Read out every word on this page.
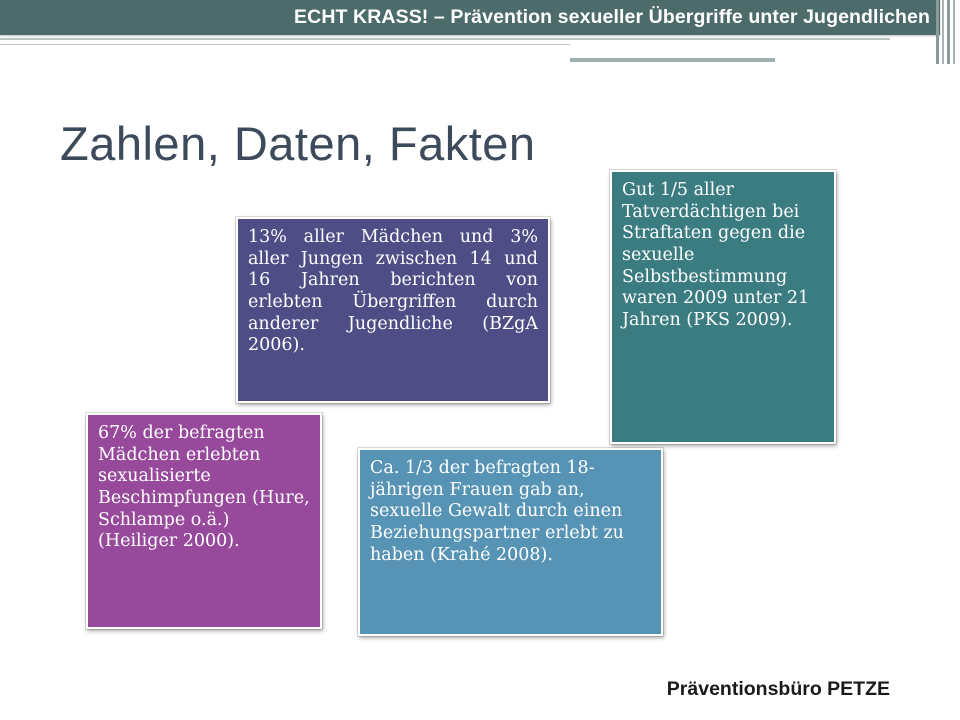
ECHT KRASS! – Prävention sexueller Übergriffe unter Jugendlichen
Zahlen, Daten, Fakten
13% aller Mädchen und 3% aller Jungen zwischen 14 und 16 Jahren berichten von erlebten Übergriffen durch anderer Jugendliche (BZgA 2006).
Gut 1/5 aller Tatverdächtigen bei Straftaten gegen die sexuelle Selbstbestimmung waren 2009 unter 21 Jahren (PKS 2009).
67% der befragten Mädchen erlebten sexualisierte Beschimpfungen (Hure, Schlampe o.ä.) (Heiliger 2000).
Ca. 1/3 der befragten 18-jährigen Frauen gab an, sexuelle Gewalt durch einen Beziehungspartner erlebt zu haben (Krahé 2008).
Präventionsbüro PETZE
